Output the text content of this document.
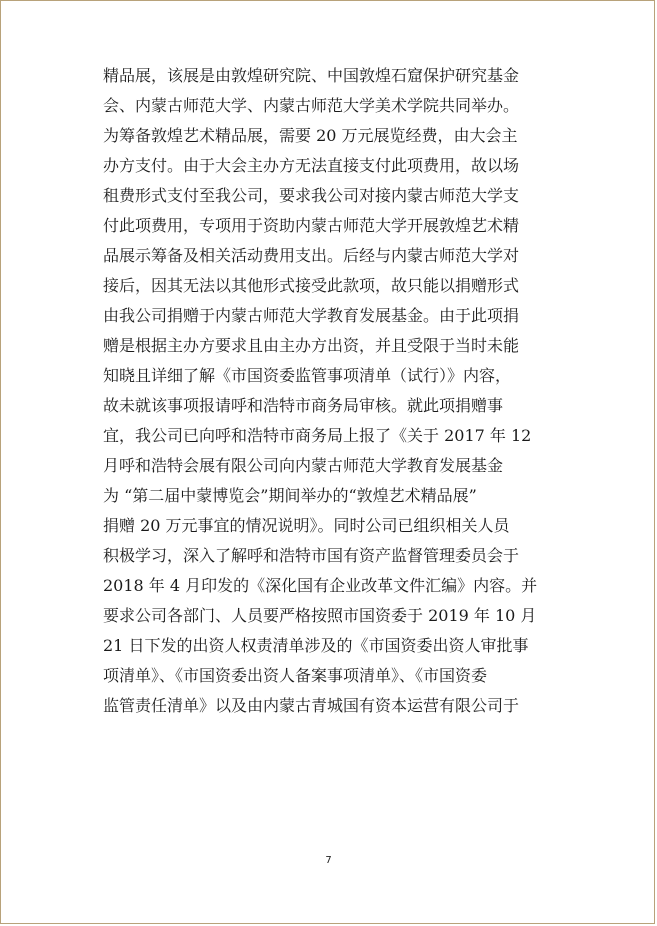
精品展，该展是由敦煌研究院、中国敦煌石窟保护研究基金
会、内蒙古师范大学、内蒙古师范大学美术学院共同举办。
为筹备敦煌艺术精品展，需要 20 万元展览经费，由大会主
办方支付。由于大会主办方无法直接支付此项费用，故以场
租费形式支付至我公司，要求我公司对接内蒙古师范大学支
付此项费用，专项用于资助内蒙古师范大学开展敦煌艺术精
品展示筹备及相关活动费用支出。后经与内蒙古师范大学对
接后，因其无法以其他形式接受此款项，故只能以捐赠形式
由我公司捐赠于内蒙古师范大学教育发展基金。由于此项捐
赠是根据主办方要求且由主办方出资，并且受限于当时未能
知晓且详细了解《市国资委监管事项清单（试行）》内容，
故未就该事项报请呼和浩特市商务局审核。就此项捐赠事
宜，我公司已向呼和浩特市商务局上报了《关于 2017 年 12
月呼和浩特会展有限公司向内蒙古师范大学教育发展基金
为 “第二届中蒙博览会”期间举办的“敦煌艺术精品展”
捐赠 20 万元事宜的情况说明》。同时公司已组织相关人员
积极学习，深入了解呼和浩特市国有资产监督管理委员会于
2018 年 4 月印发的《深化国有企业改革文件汇编》内容。并
要求公司各部门、人员要严格按照市国资委于 2019 年 10 月
21 日下发的出资人权责清单涉及的《市国资委出资人审批事
项清单》、《市国资委出资人备案事项清单》、《市国资委
监管责任清单》以及由内蒙古青城国有资本运营有限公司于
7
